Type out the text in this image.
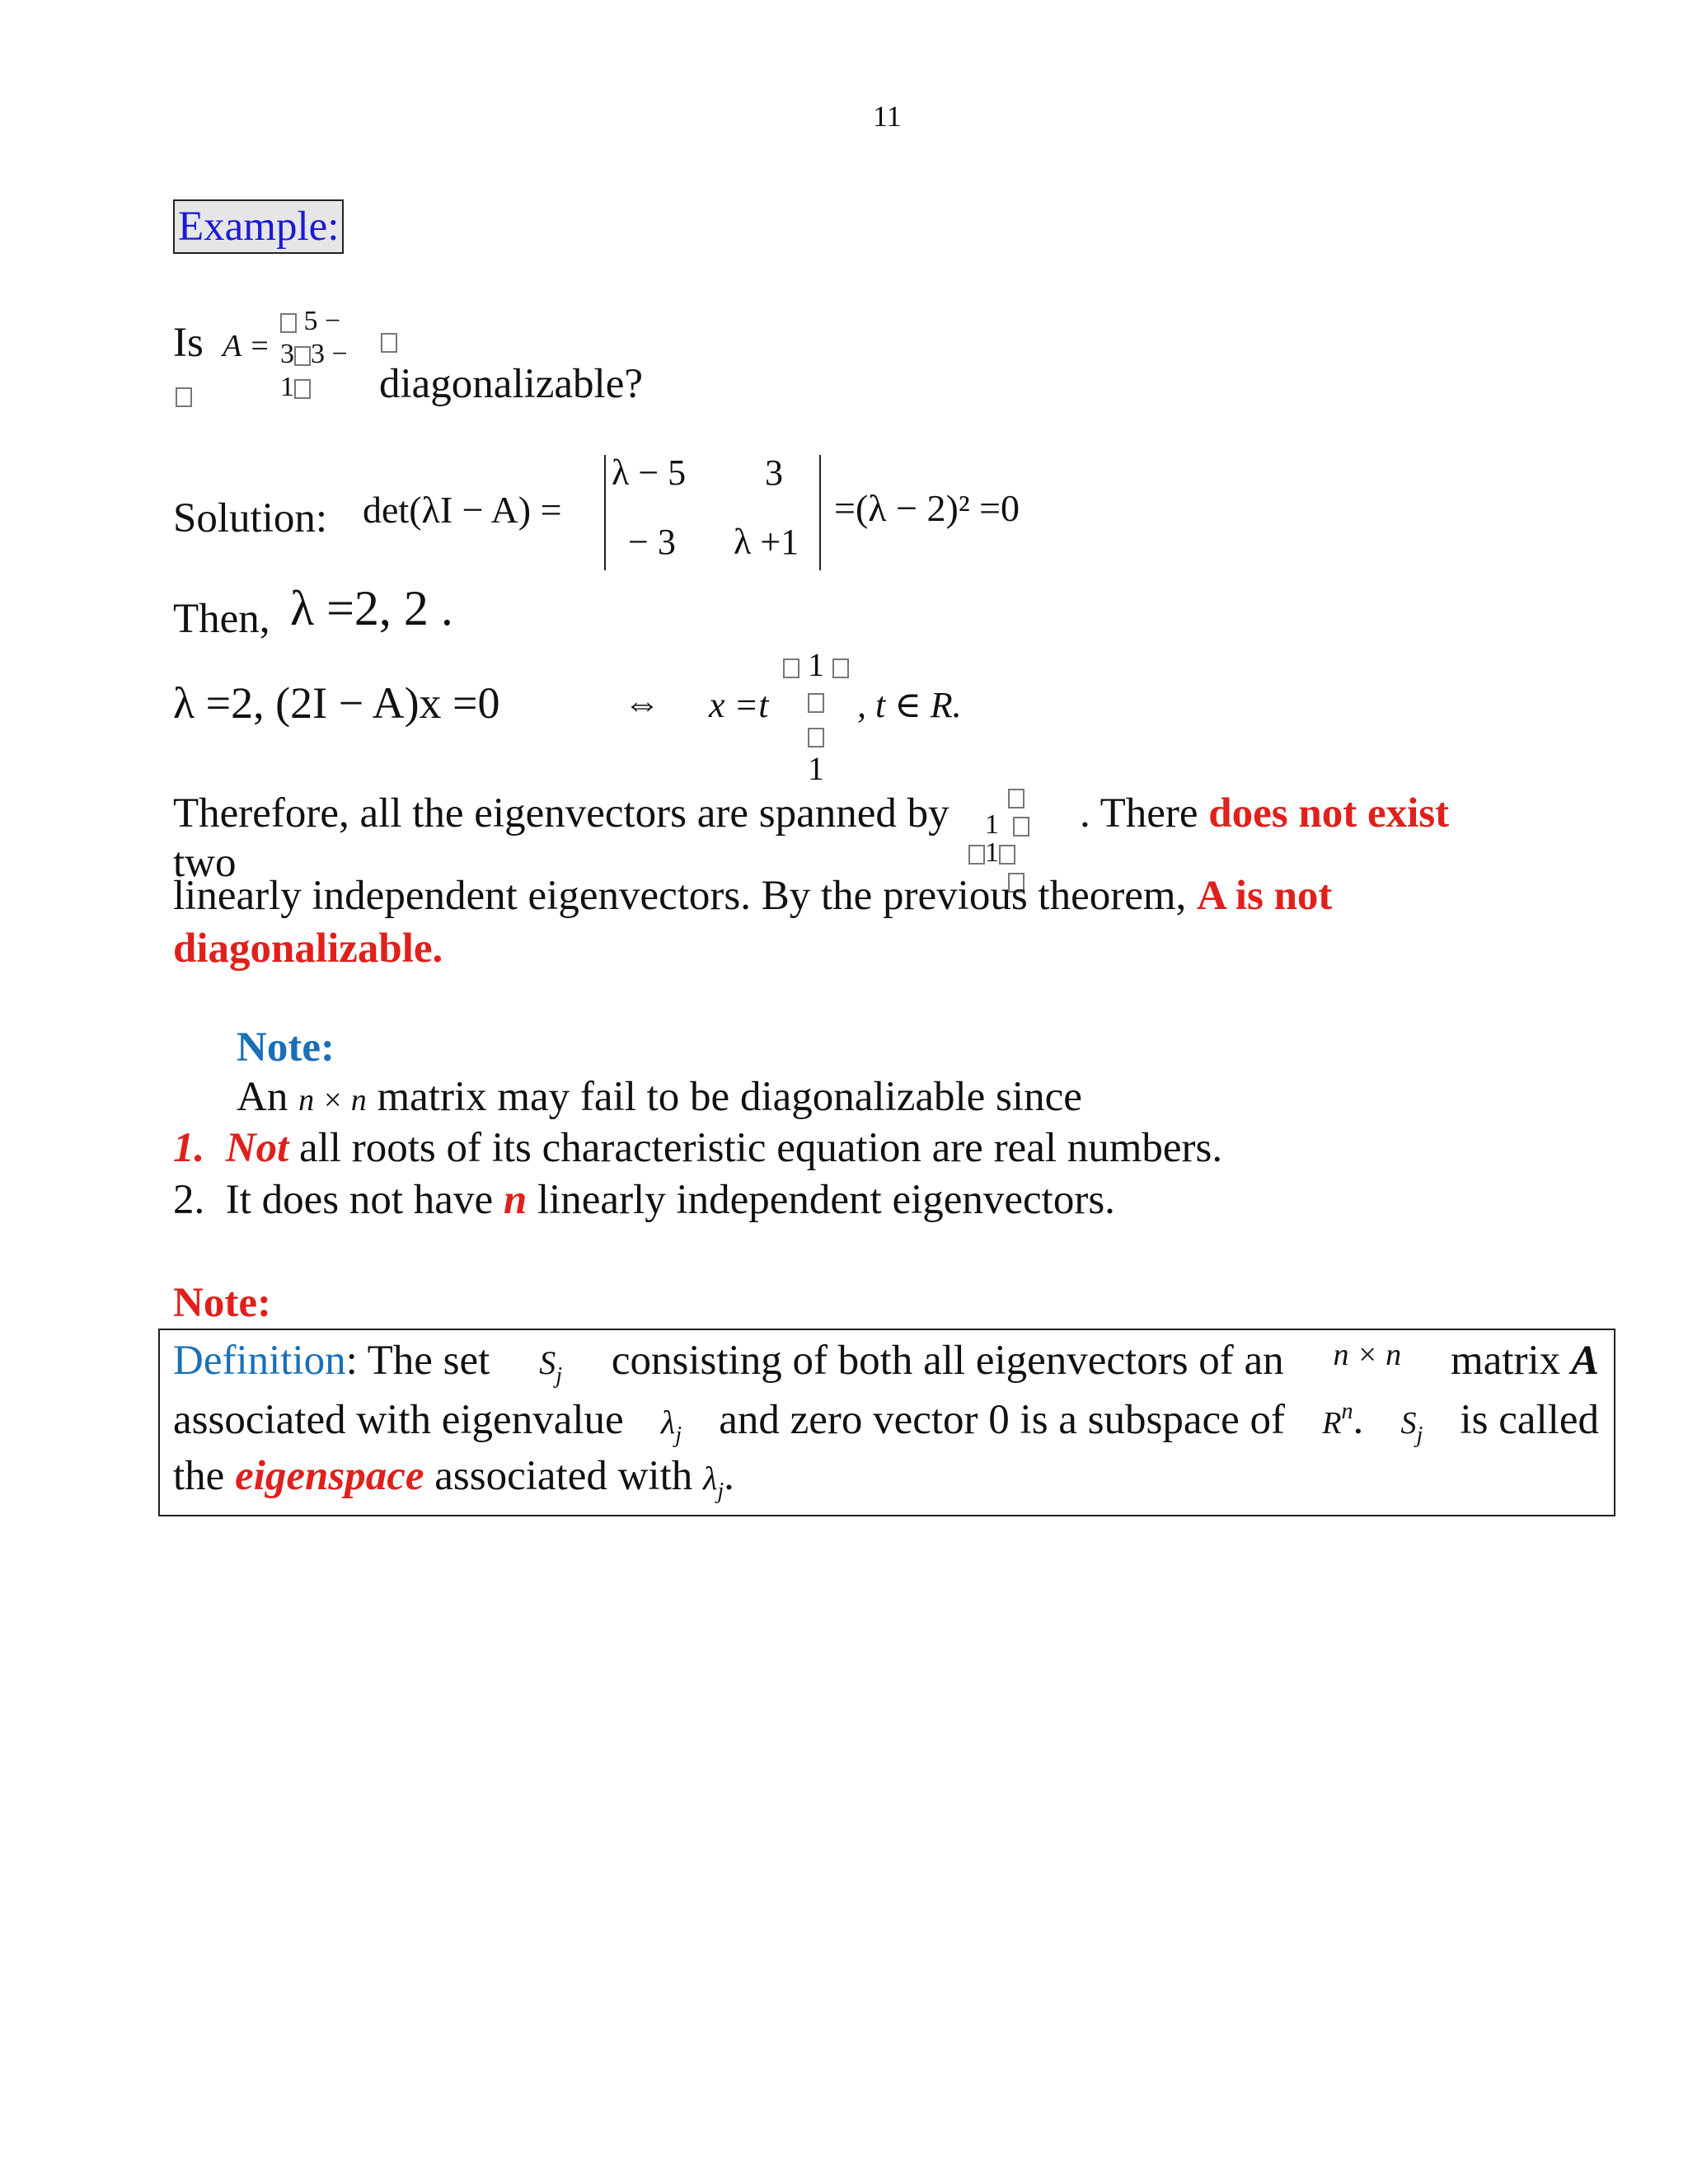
11
Example:
Is A =
5 −
3 3 −
1	diagonalizable?
Solution: det(λI − A) =
λ − 5 3
− 3 λ +1
=(λ − 2)² =0
Then, λ =2, 2 .
λ =2, (2I − A)x =0	⇔ x =t
1
1
, t ∈ R.
Therefore, all the eigenvectors are spanned by	1
1
. There does not exist
two
linearly independent eigenvectors. By the previous theorem, A is not
diagonalizable.
Note:
An n × n matrix may fail to be diagonalizable since
1. Not all roots of its characteristic equation are real numbers.
2. It does not have n linearly independent eigenvectors.
Note:
Definition: The set $S_j$ consisting of both all eigenvectors of an n × n matrix A
associated with eigenvalue $\lambda_j$ and zero vector 0 is a subspace of $R^n$. $S_j$ is called
the eigenspace associated with $\lambda_j$.
